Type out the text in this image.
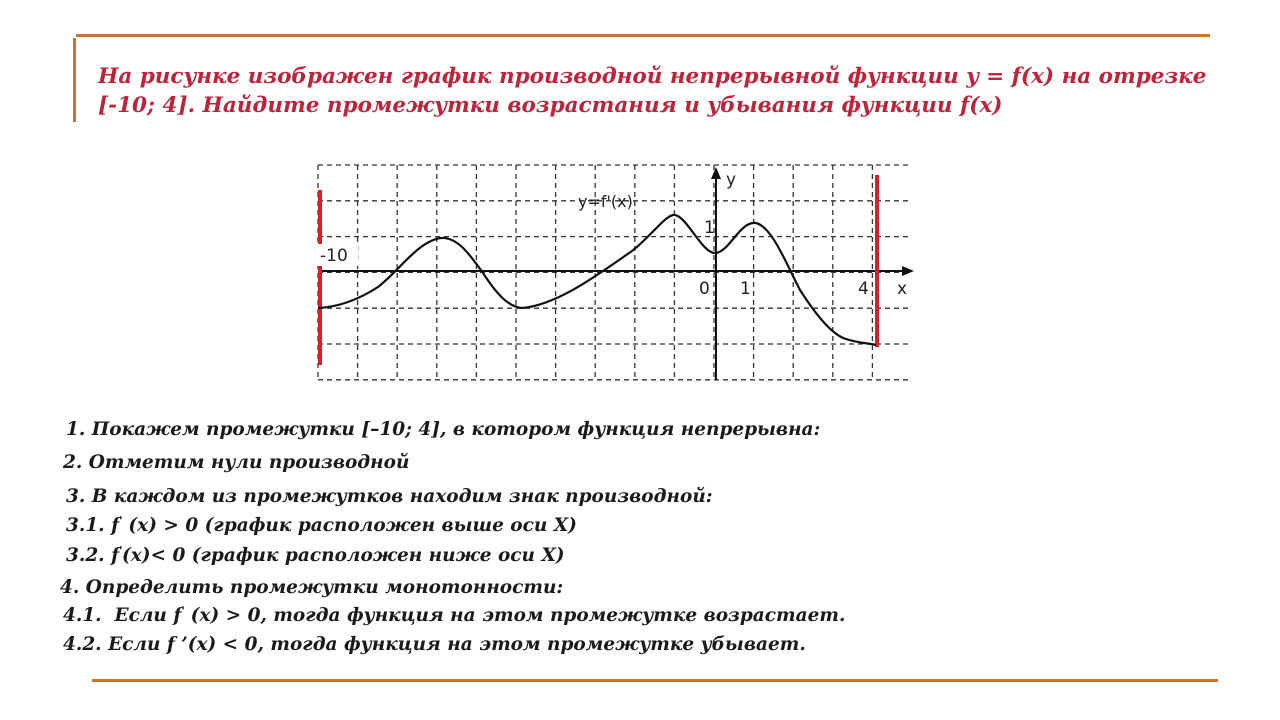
На рисунке изображен график производной непрерывной функции y = f(x) на отрезке
[-10; 4]. Найдите промежутки возрастания и убывания функции f(x)
-10
y=f'(x)
y
1
0 1	4 x
1. Покажем промежутки [–10; 4], в котором функция непрерывна:
2. Отметим нули производной
3. В каждом из промежутков находим знак производной:
3.1. f′ (x) > 0 (график расположен выше оси Х)
3.2. f′(x)< 0 (график расположен ниже оси Х)
4. Определить промежутки монотонности:
4.1. Если f′ (x) > 0, тогда функция на этом промежутке возрастает.
4.2. Если f ’(x) < 0, тогда функция на этом промежутке убывает.
